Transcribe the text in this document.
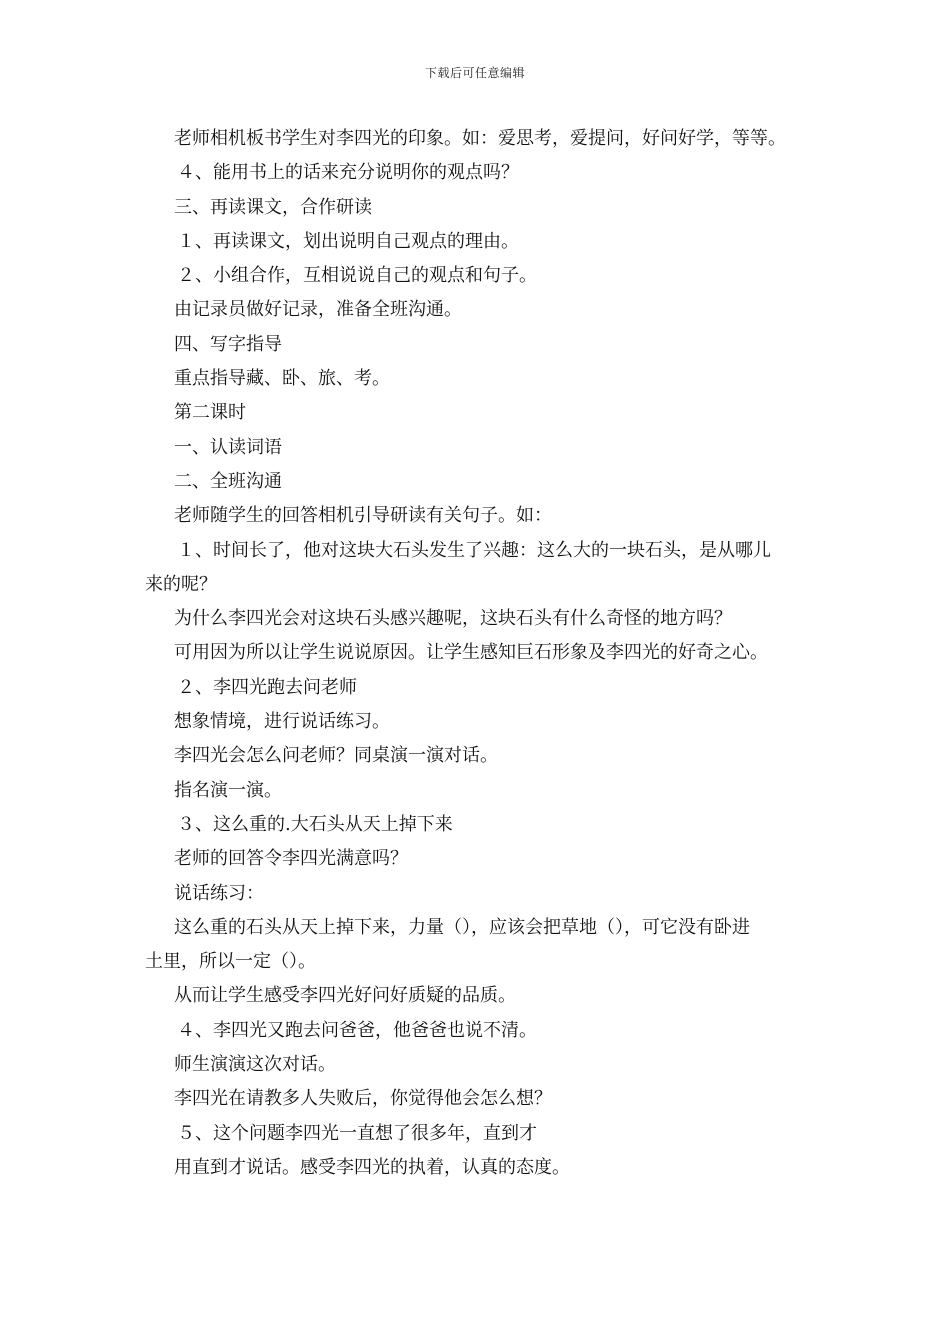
下载后可任意编辑
老师相机板书学生对李四光的印象。如：爱思考，爱提问，好问好学，等等。
４、能用书上的话来充分说明你的观点吗？
三、再读课文，合作研读
１、再读课文，划出说明自己观点的理由。
２、小组合作，互相说说自己的观点和句子。
由记录员做好记录，准备全班沟通。
四、写字指导
重点指导藏、卧、旅、考。
第二课时
一、认读词语
二、全班沟通
老师随学生的回答相机引导研读有关句子。如：
１、时间长了，他对这块大石头发生了兴趣：这么大的一块石头，是从哪儿
来的呢？
为什么李四光会对这块石头感兴趣呢，这块石头有什么奇怪的地方吗？
可用因为所以让学生说说原因。让学生感知巨石形象及李四光的好奇之心。
２、李四光跑去问老师
想象情境，进行说话练习。
李四光会怎么问老师？同桌演一演对话。
指名演一演。
３、这么重的.大石头从天上掉下来
老师的回答令李四光满意吗？
说话练习：
这么重的石头从天上掉下来，力量（），应该会把草地（），可它没有卧进
土里，所以一定（）。
从而让学生感受李四光好问好质疑的品质。
４、李四光又跑去问爸爸，他爸爸也说不清。
师生演演这次对话。
李四光在请教多人失败后，你觉得他会怎么想？
５、这个问题李四光一直想了很多年，直到才
用直到才说话。感受李四光的执着，认真的态度。
